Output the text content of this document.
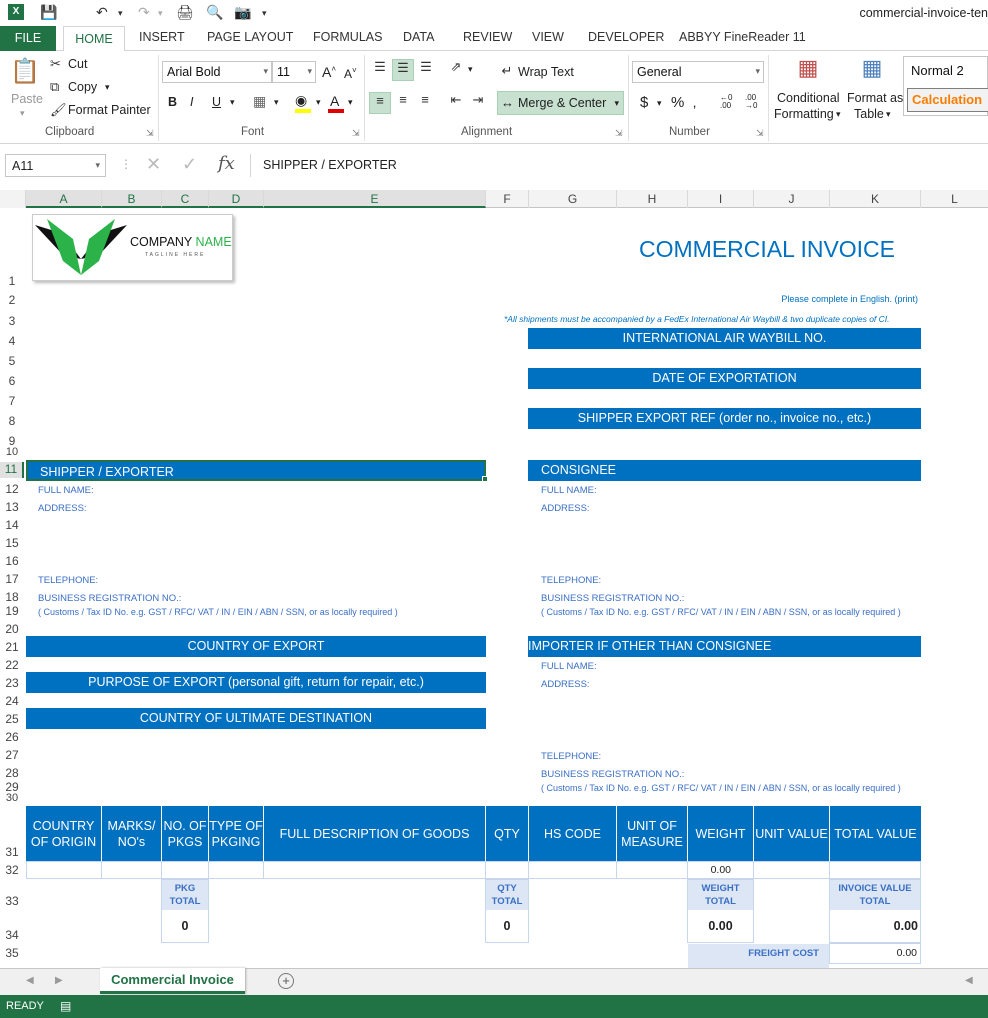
X	💾	↶ ▾ ↷ ▾ 🖨 🔍 📷 ▾	commercial-invoice-ten
FILE	HOME	INSERT PAGE LAYOUT FORMULAS DATA REVIEW VIEW DEVELOPER ABBYY FineReader 11
📋
Paste
▾
✂ Cut
⧉ Copy ▾
🖌 Format Painter
Clipboard	⇲
Arial Bold	▾ 11 ▾ A˄ A˅
B I U ▾ ▦ ▾ ◉ ▾ A ▾
Font	⇲
☰ ☰ ☰	⇗ ▾
≡	≡	≡	⇤ ⇥
↵ Wrap Text
↔ Merge & Center ▾
Alignment	⇲
General	▾
$ ▾ % ‚	←0
.00
.00
→0
Number	⇲
▦
Conditional
Formatting ▾
▦
Format as
Table ▾
Normal 2
Calculation
A11	▾ ⋮ ✕ ✓ fx	SHIPPER / EXPORTER
A	B	C	D	E	F	G	H	I	J	K	L
1
2
3
4
5
6
7
8
9
10
11
12
13
14
15
16
17
18
19
20
21
22
23
24
25
26
27
28
29
30
31
32
33
34
35
COMPANY NAME
TAGLINE HERE	COMMERCIAL INVOICE
Please complete in English. (print)
*All shipments must be accompanied by a FedEx International Air Waybill & two duplicate copies of CI.
INTERNATIONAL AIR WAYBILL NO.
DATE OF EXPORTATION
SHIPPER EXPORT REF (order no., invoice no., etc.)
SHIPPER / EXPORTER	CONSIGNEE
FULL NAME:
ADDRESS:
TELEPHONE:
BUSINESS REGISTRATION NO.:
( Customs / Tax ID No. e.g. GST / RFC/ VAT / IN / EIN / ABN / SSN, or as locally required )
FULL NAME:
ADDRESS:
TELEPHONE:
BUSINESS REGISTRATION NO.:
( Customs / Tax ID No. e.g. GST / RFC/ VAT / IN / EIN / ABN / SSN, or as locally required )
COUNTRY OF EXPORT	IMPORTER IF OTHER THAN CONSIGNEE
FULL NAME:
ADDRESS:
PURPOSE OF EXPORT (personal gift, return for repair, etc.)
COUNTRY OF ULTIMATE DESTINATION
TELEPHONE:
BUSINESS REGISTRATION NO.:
( Customs / Tax ID No. e.g. GST / RFC/ VAT / IN / EIN / ABN / SSN, or as locally required )
COUNTRY
OF ORIGIN
MARKS/
NO's
NO. OF
PKGS
TYPE OF
PKGING
FULL DESCRIPTION OF GOODS	QTY	HS CODE
UNIT OF
MEASURE
WEIGHT UNIT VALUE TOTAL VALUE
0.00
PKG
TOTAL
0
QTY
TOTAL
0
WEIGHT
TOTAL
0.00
INVOICE VALUE
TOTAL
0.00
FREIGHT COST	0.00
◀ ▶	Commercial Invoice	+	◀
READY ▤
